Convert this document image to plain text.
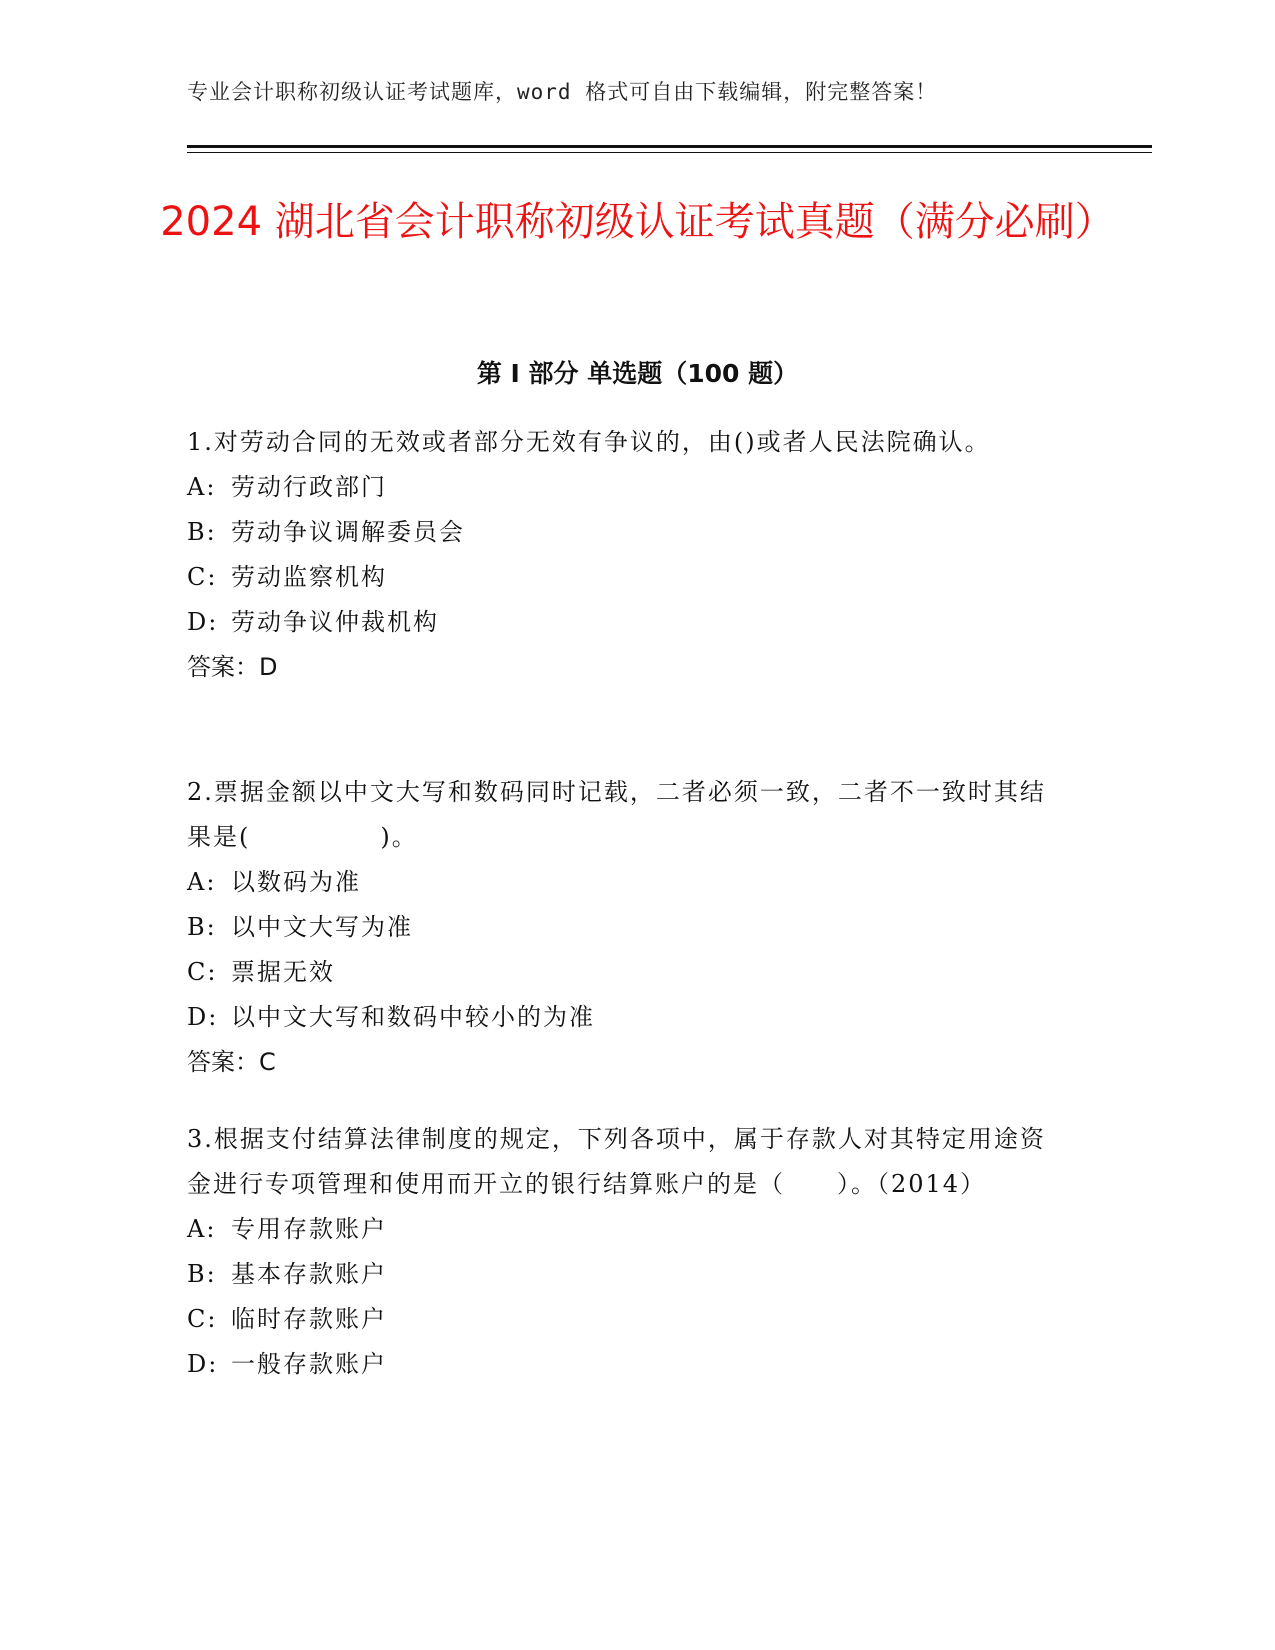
专业会计职称初级认证考试题库，word 格式可自由下载编辑，附完整答案！
2024 湖北省会计职称初级认证考试真题（满分必刷）
第 I 部分 单选题（100 题）

1.对劳动合同的无效或者部分无效有争议的，由()或者人民法院确认。

A: 劳动行政部门

B: 劳动争议调解委员会

C: 劳动监察机构

D: 劳动争议仲裁机构

答案：D

2.票据金额以中文大写和数码同时记载，二者必须一致，二者不一致时其结果是(　　　　　)。

A: 以数码为准

B: 以中文大写为准

C: 票据无效

D: 以中文大写和数码中较小的为准

答案：C

3.根据支付结算法律制度的规定，下列各项中，属于存款人对其特定用途资金进行专项管理和使用而开立的银行结算账户的是（　　）。（2014）

A: 专用存款账户

B: 基本存款账户

C: 临时存款账户

D: 一般存款账户
